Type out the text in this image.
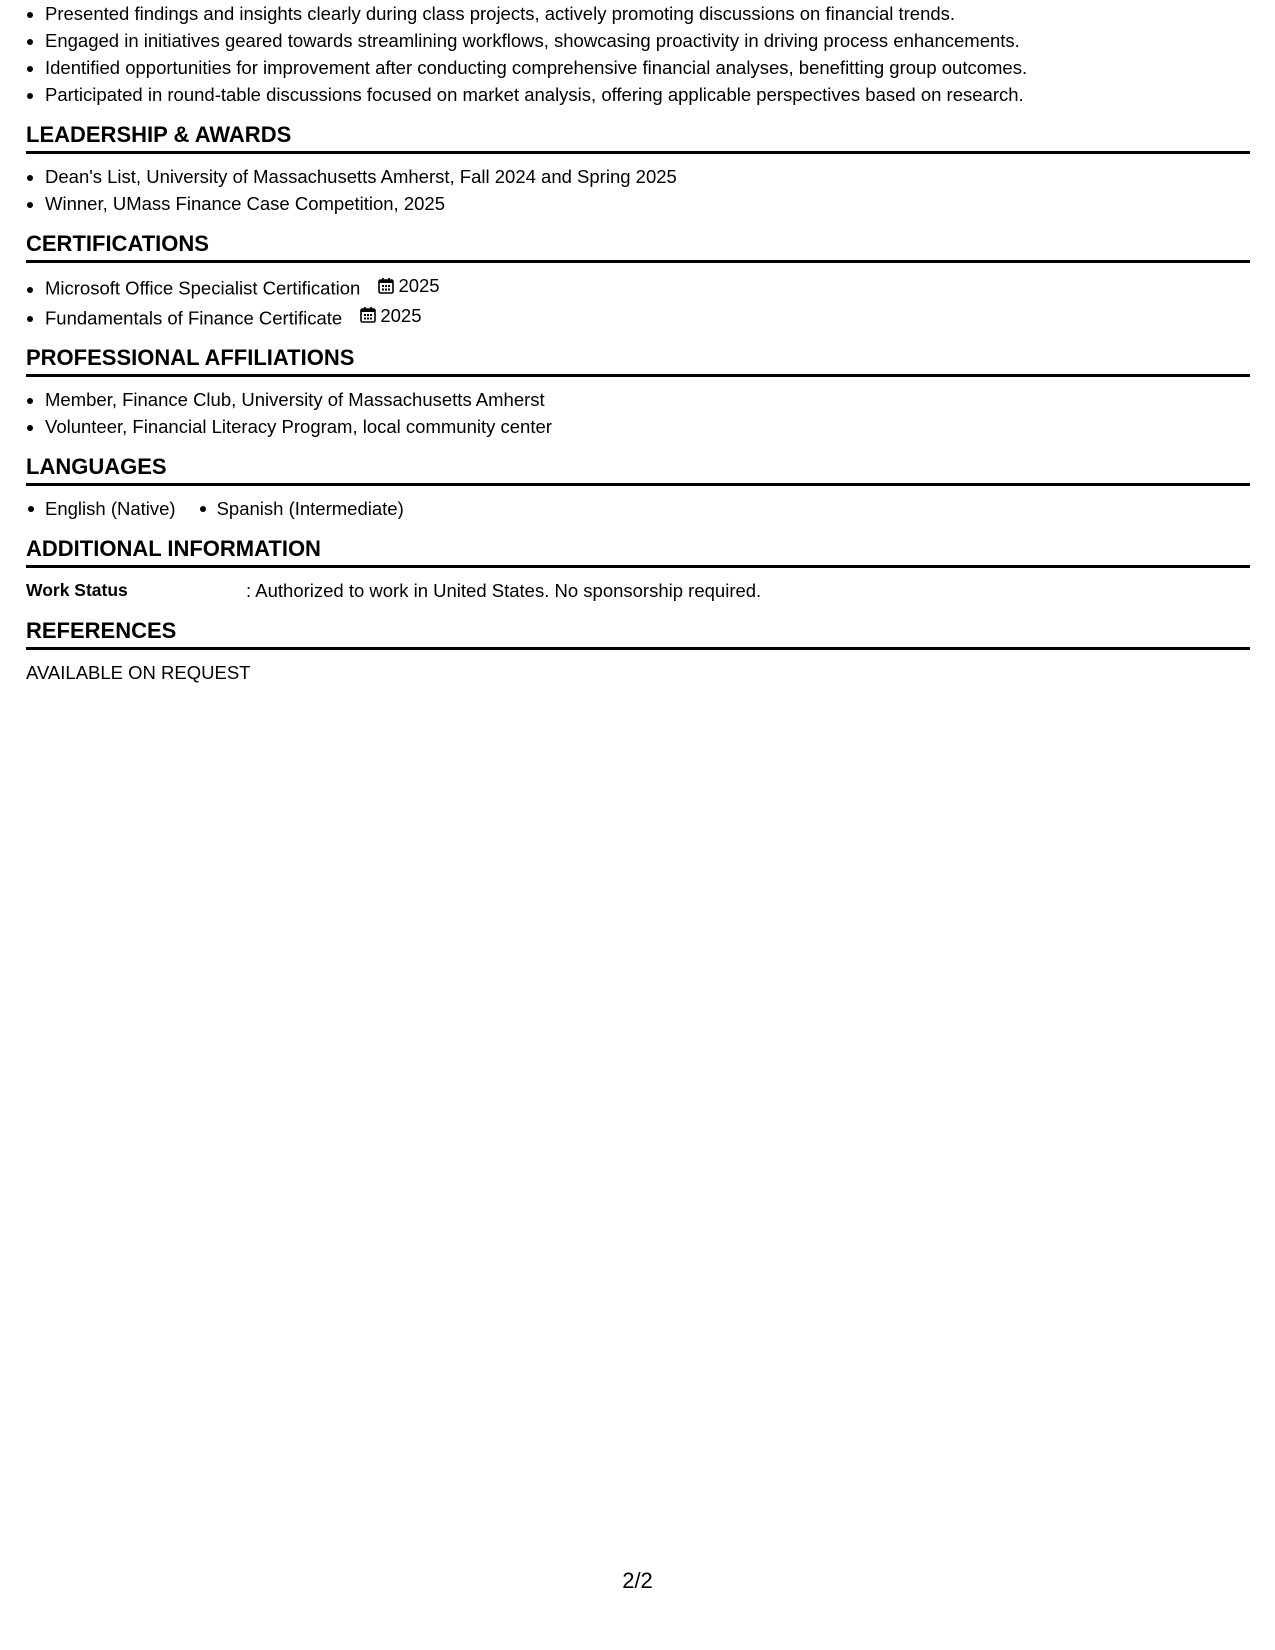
• Presented findings and insights clearly during class projects, actively promoting discussions on financial trends.
• Engaged in initiatives geared towards streamlining workflows, showcasing proactivity in driving process enhancements.
• Identified opportunities for improvement after conducting comprehensive financial analyses, benefitting group outcomes.
• Participated in round-table discussions focused on market analysis, offering applicable perspectives based on research.
LEADERSHIP & AWARDS
• Dean's List, University of Massachusetts Amherst, Fall 2024 and Spring 2025
• Winner, UMass Finance Case Competition, 2025
CERTIFICATIONS
• Microsoft Office Specialist Certification 2025
• Fundamentals of Finance Certificate 2025
PROFESSIONAL AFFILIATIONS
• Member, Finance Club, University of Massachusetts Amherst
• Volunteer, Financial Literacy Program, local community center
LANGUAGES
English (Native)	Spanish (Intermediate)
ADDITIONAL INFORMATION
Work Status	: Authorized to work in United States. No sponsorship required.
REFERENCES
AVAILABLE ON REQUEST
2/2
